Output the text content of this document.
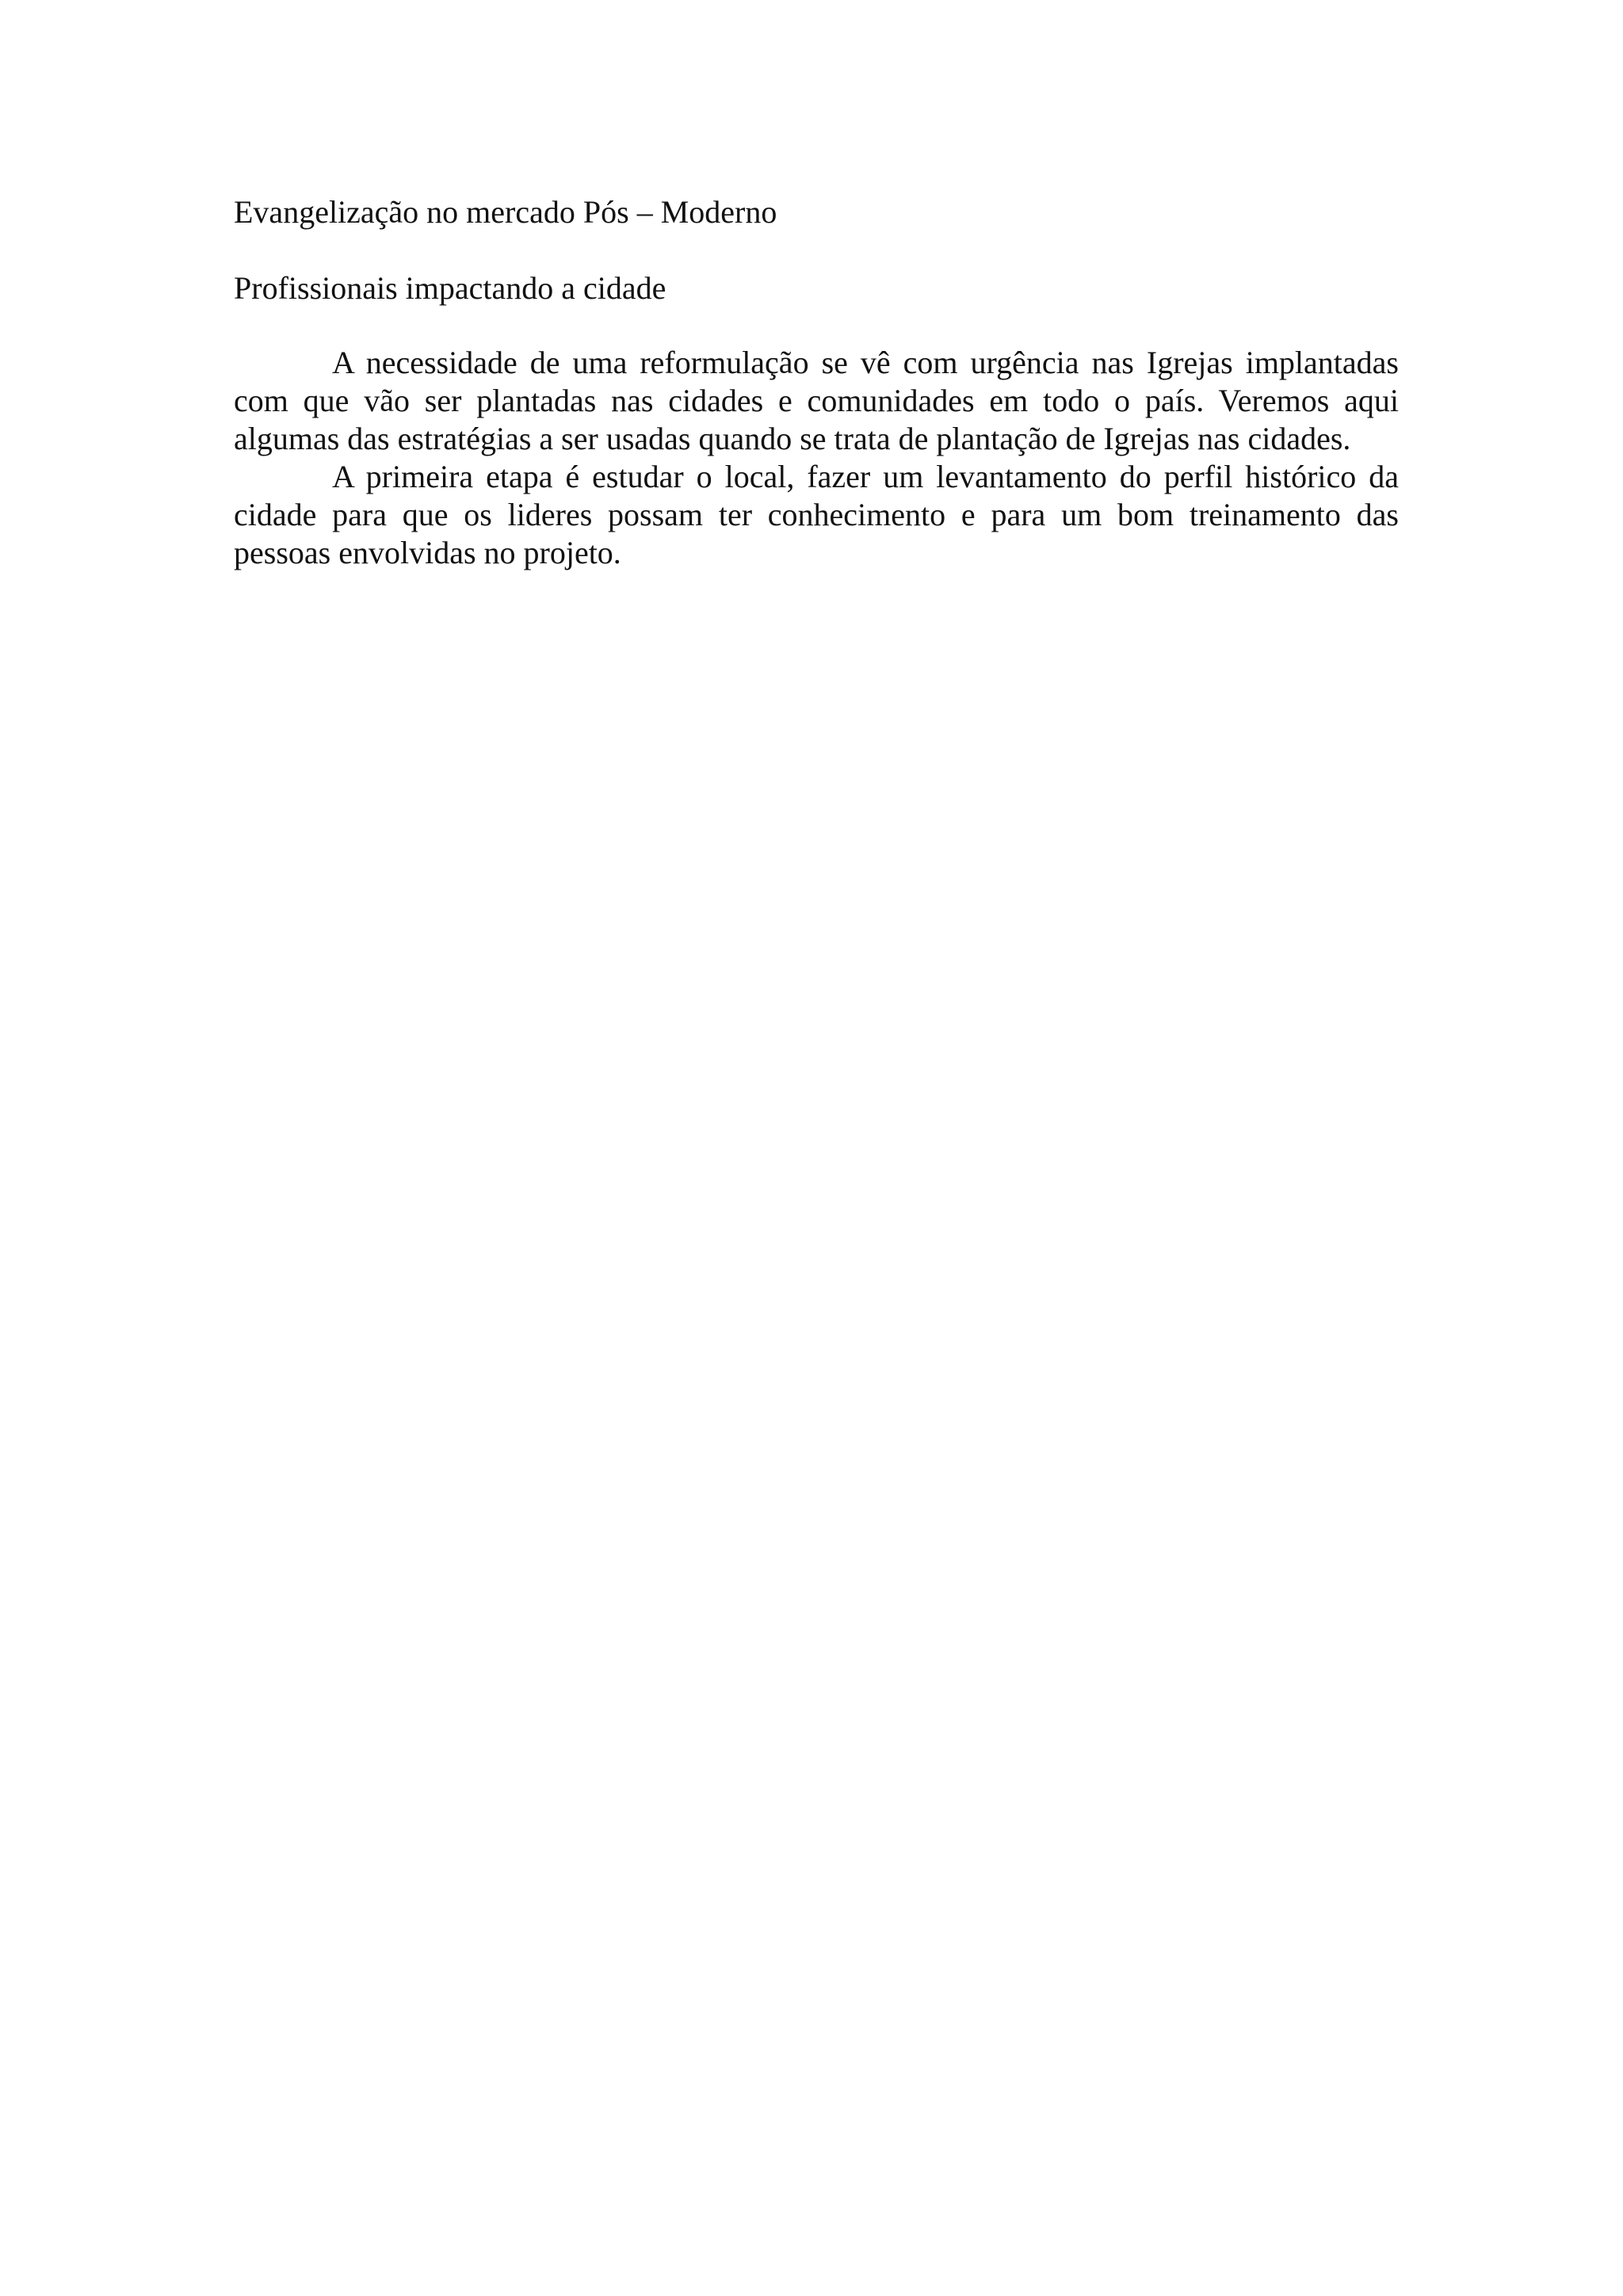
Evangelização no mercado Pós – Moderno

Profissionais impactando a cidade

A necessidade de uma reformulação se vê com urgência nas Igrejas implantadas com que vão ser plantadas nas cidades e comunidades em todo o país. Veremos aqui algumas das estratégias a ser usadas quando se trata de plantação de Igrejas nas cidades.

A primeira etapa é estudar o local, fazer um levantamento do perfil histórico da cidade para que os lideres possam ter conhecimento e para um bom treinamento das pessoas envolvidas no projeto.
